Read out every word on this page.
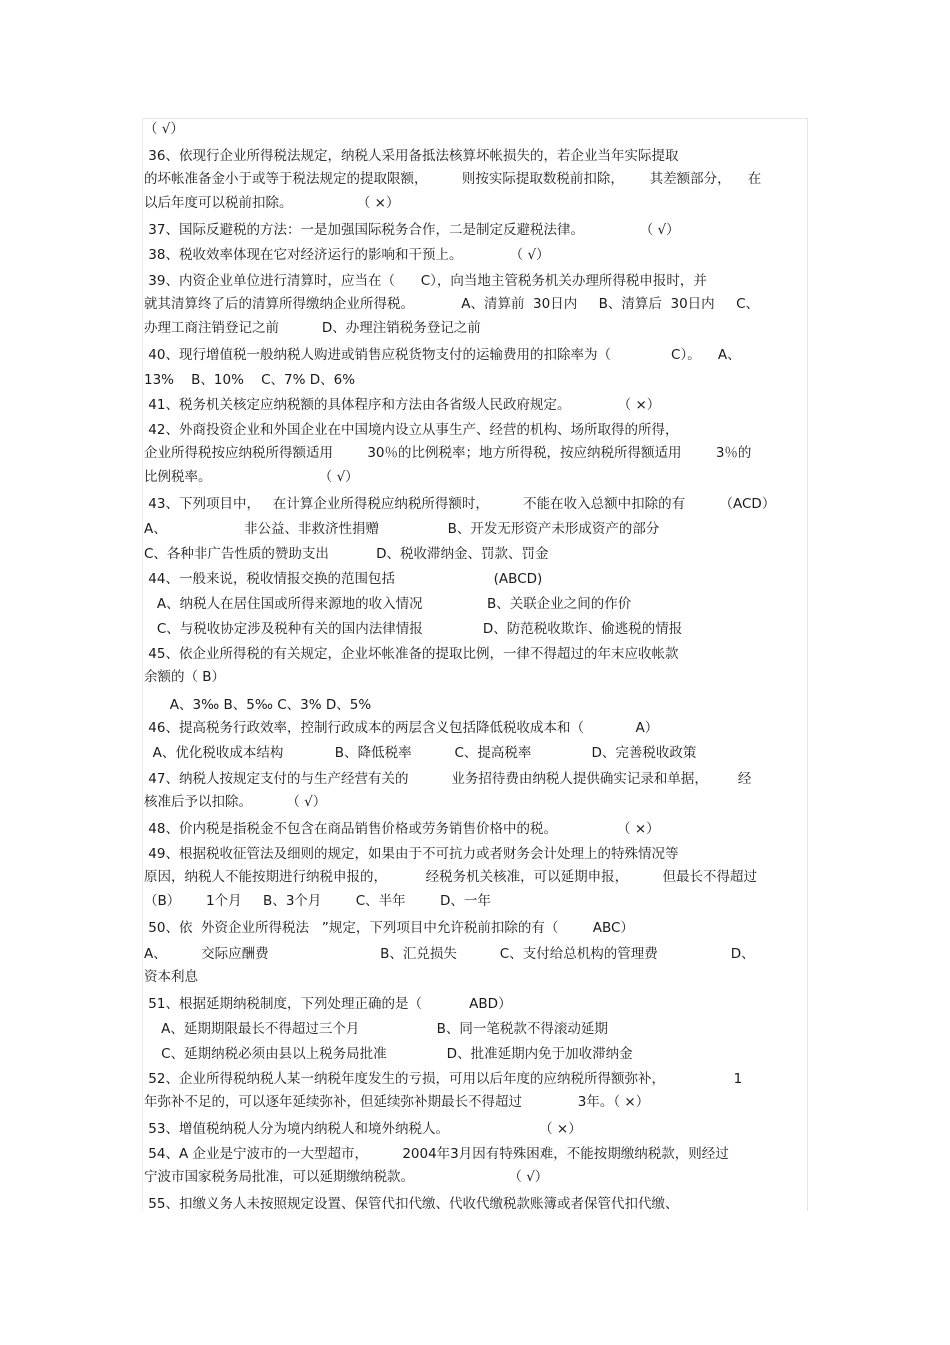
（ √）
36、依现行企业所得税法规定，纳税人采用备抵法核算坏帐损失的，若企业当年实际提取
的坏帐准备金小于或等于税法规定的提取限额，        则按实际提取数税前扣除，      其差额部分，    在
以后年度可以税前扣除。               （ ×）
37、国际反避税的方法：一是加强国际税务合作，二是制定反避税法律。             （ √）
38、税收效率体现在它对经济运行的影响和干预上。           （ √）
39、内资企业单位进行清算时，应当在（      C），向当地主管税务机关办理所得税申报时，并
就其清算终了后的清算所得缴纳企业所得税。           A、清算前  30日内     B、清算后  30日内     C、
办理工商注销登记之前          D、办理注销税务登记之前
40、现行增值税一般纳税人购进或销售应税货物支付的运输费用的扣除率为（              C）。    A、
13%    B、10%    C、7% D、6%
41、税务机关核定应纳税额的具体程序和方法由各省级人民政府规定。           （ ×）
42、外商投资企业和外国企业在中国境内设立从事生产、经营的机构、场所取得的所得，
企业所得税按应纳税所得额适用        30％的比例税率；地方所得税，按应纳税所得额适用        3％的
比例税率。                         （ √）
43、下列项目中，   在计算企业所得税应纳税所得额时，        不能在收入总额中扣除的有        （ACD）
A、                  非公益、非救济性捐赠                B、开发无形资产未形成资产的部分
C、各种非广告性质的赞助支出           D、税收滞纳金、罚款、罚金
44、一般来说，税收情报交换的范围包括                       (ABCD)
A、纳税人在居住国或所得来源地的收入情况               B、关联企业之间的作价
C、与税收协定涉及税种有关的国内法律情报              D、防范税收欺诈、偷逃税的情报
45、依企业所得税的有关规定，企业坏帐准备的提取比例，一律不得超过的年末应收帐款
余额的（ B）
A、3‰ B、5‰ C、3% D、5%
46、提高税务行政效率，控制行政成本的两层含义包括降低税收成本和（            A）
A、优化税收成本结构            B、降低税率          C、提高税率              D、完善税收政策
47、纳税人按规定支付的与生产经营有关的          业务招待费由纳税人提供确实记录和单据，       经
核准后予以扣除。        （ √）
48、价内税是指税金不包含在商品销售价格或劳务销售价格中的税。              （ ×）
49、根据税收征管法及细则的规定，如果由于不可抗力或者财务会计处理上的特殊情况等
原因，纳税人不能按期进行纳税申报的，         经税务机关核准，可以延期申报，        但最长不得超过
（B）      1个月     B、3个月        C、半年        D、一年
50、依  外资企业所得税法   ”规定，下列项目中允许税前扣除的有（        ABC）
A、        交际应酬费                          B、汇兑损失          C、支付给总机构的管理费                 D、
资本利息
51、根据延期纳税制度，下列处理正确的是（           ABD）
A、延期期限最长不得超过三个月                  B、同一笔税款不得滚动延期
C、延期纳税必须由县以上税务局批准              D、批准延期内免于加收滞纳金
52、企业所得税纳税人某一纳税年度发生的亏损，可用以后年度的应纳税所得额弥补，                1
年弥补不足的，可以逐年延续弥补，但延续弥补期最长不得超过             3年。（ ×）
53、增值税纳税人分为境内纳税人和境外纳税人。                     （ ×）
54、A 企业是宁波市的一大型超市，        2004年3月因有特殊困难，不能按期缴纳税款，则经过
宁波市国家税务局批准，可以延期缴纳税款。                      （ √）
55、扣缴义务人未按照规定设置、保管代扣代缴、代收代缴税款账簿或者保管代扣代缴、
